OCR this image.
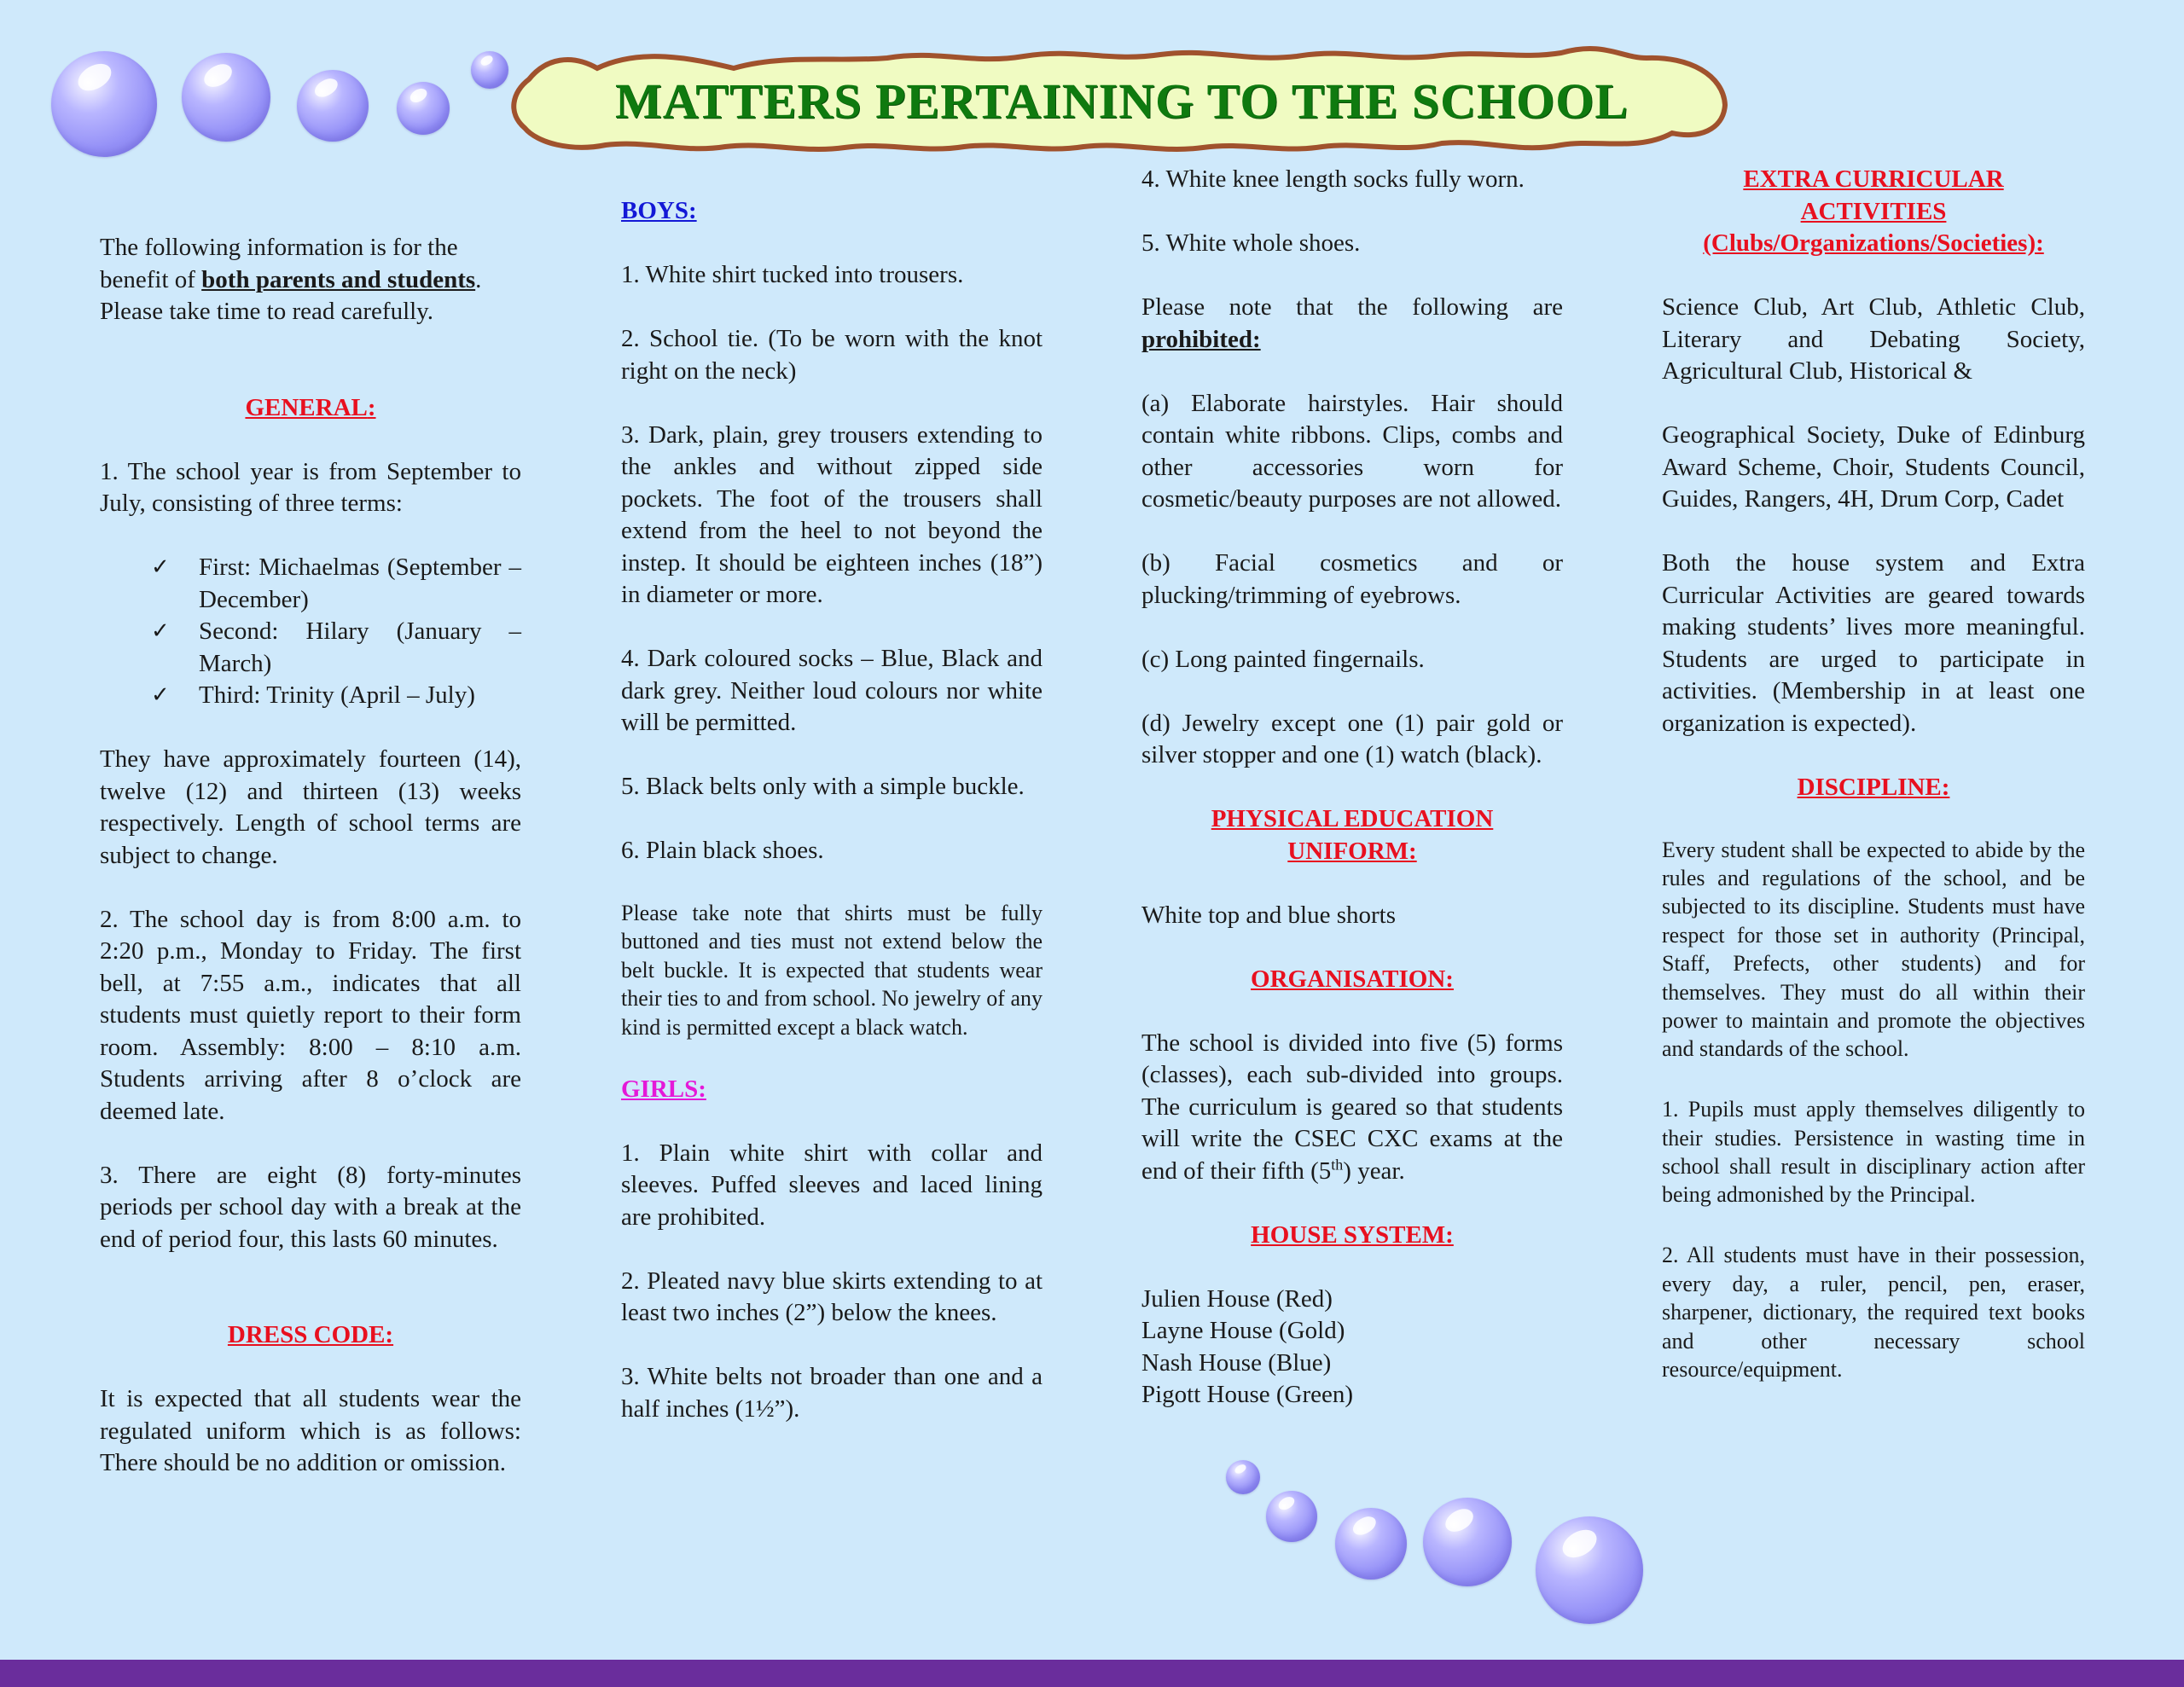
MATTERS PERTAINING TO THE SCHOOL

The following information is for the benefit of both parents and students. Please take time to read carefully.

GENERAL:

1. The school year is from September to July, consisting of three terms:

✓ First: Michaelmas (September – December)
✓ Second: Hilary (January – March)
✓ Third: Trinity (April – July)

They have approximately fourteen (14), twelve (12) and thirteen (13) weeks respectively. Length of school terms are subject to change.

2. The school day is from 8:00 a.m. to 2:20 p.m., Monday to Friday. The first bell, at 7:55 a.m., indicates that all students must quietly report to their form room. Assembly: 8:00 – 8:10 a.m. Students arriving after 8 o’clock are deemed late.

3. There are eight (8) forty-minutes periods per school day with a break at the end of period four, this lasts 60 minutes.

DRESS CODE:

It is expected that all students wear the regulated uniform which is as follows: There should be no addition or omission.

BOYS:

1. White shirt tucked into trousers.

2. School tie. (To be worn with the knot right on the neck)

3. Dark, plain, grey trousers extending to the ankles and without zipped side pockets. The foot of the trousers shall extend from the heel to not beyond the instep. It should be eighteen inches (18”) in diameter or more.

4. Dark coloured socks – Blue, Black and dark grey. Neither loud colours nor white will be permitted.

5. Black belts only with a simple buckle.

6. Plain black shoes.

Please take note that shirts must be fully buttoned and ties must not extend below the belt buckle. It is expected that students wear their ties to and from school. No jewelry of any kind is permitted except a black watch.

GIRLS:

1. Plain white shirt with collar and sleeves. Puffed sleeves and laced lining are prohibited.

2. Pleated navy blue skirts extending to at least two inches (2”) below the knees.

3. White belts not broader than one and a half inches (1½”).

4. White knee length socks fully worn.

5. White whole shoes.

Please note that the following are prohibited:

(a) Elaborate hairstyles. Hair should contain white ribbons. Clips, combs and other accessories worn for cosmetic/beauty purposes are not allowed.

(b) Facial cosmetics and or plucking/trimming of eyebrows.

(c) Long painted fingernails.

(d) Jewelry except one (1) pair gold or silver stopper and one (1) watch (black).

PHYSICAL EDUCATION
UNIFORM:

White top and blue shorts

ORGANISATION:

The school is divided into five (5) forms (classes), each sub-divided into groups. The curriculum is geared so that students will write the CSEC CXC exams at the end of their fifth (5th) year.

HOUSE SYSTEM:

Julien House (Red)

Layne House (Gold)

Nash House (Blue)

Pigott House (Green)

EXTRA CURRICULAR
ACTIVITIES
(Clubs/Organizations/Societies):

Science Club, Art Club, Athletic Club, Literary and Debating Society, Agricultural Club, Historical &

Geographical Society, Duke of Edinburg Award Scheme, Choir, Students Council, Guides, Rangers, 4H, Drum Corp, Cadet

Both the house system and Extra Curricular Activities are geared towards making students’ lives more meaningful. Students are urged to participate in activities. (Membership in at least one organization is expected).

DISCIPLINE:

Every student shall be expected to abide by the rules and regulations of the school, and be subjected to its discipline. Students must have respect for those set in authority (Principal, Staff, Prefects, other students) and for themselves. They must do all within their power to maintain and promote the objectives and standards of the school.

1. Pupils must apply themselves diligently to their studies. Persistence in wasting time in school shall result in disciplinary action after being admonished by the Principal.

2. All students must have in their possession, every day, a ruler, pencil, pen, eraser, sharpener, dictionary, the required text books and other necessary school resource/equipment.
